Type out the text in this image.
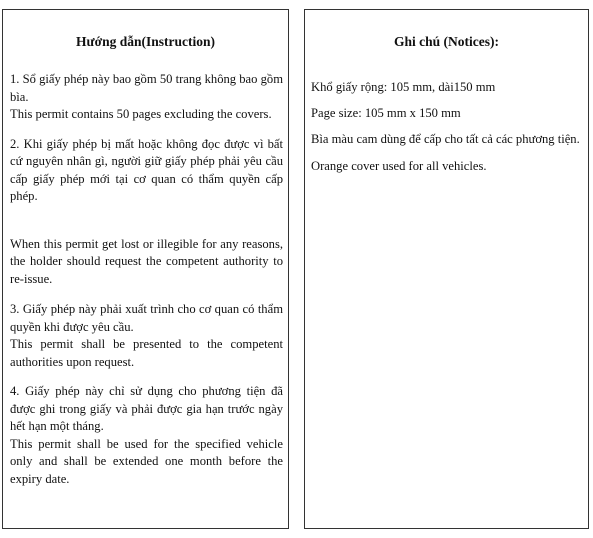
Hướng dẫn(Instruction)

1. Sổ giấy phép này bao gồm 50 trang không bao gồm bìa.
This permit contains 50 pages excluding the covers.

2. Khi giấy phép bị mất hoặc không đọc được vì bất cứ nguyên nhân gì, người giữ giấy phép phải yêu cầu cấp giấy phép mới tại cơ quan có thẩm quyền cấp phép.

When this permit get lost or illegible for any reasons, the holder should request the competent authority to re-issue.

3. Giấy phép này phải xuất trình cho cơ quan có thẩm quyền khi được yêu cầu.
This permit shall be presented to the competent authorities upon request.

4. Giấy phép này chỉ sử dụng cho phương tiện đã được ghi trong giấy và phải được gia hạn trước ngày hết hạn một tháng.
This permit shall be used for the specified vehicle only and shall be extended one month before the expiry date.

Ghi chú (Notices):
Khổ giấy rộng: 105 mm, dài150 mm
Page size: 105 mm x 150 mm
Bìa màu cam dùng để cấp cho tất cả các phương tiện.
Orange cover used for all vehicles.
